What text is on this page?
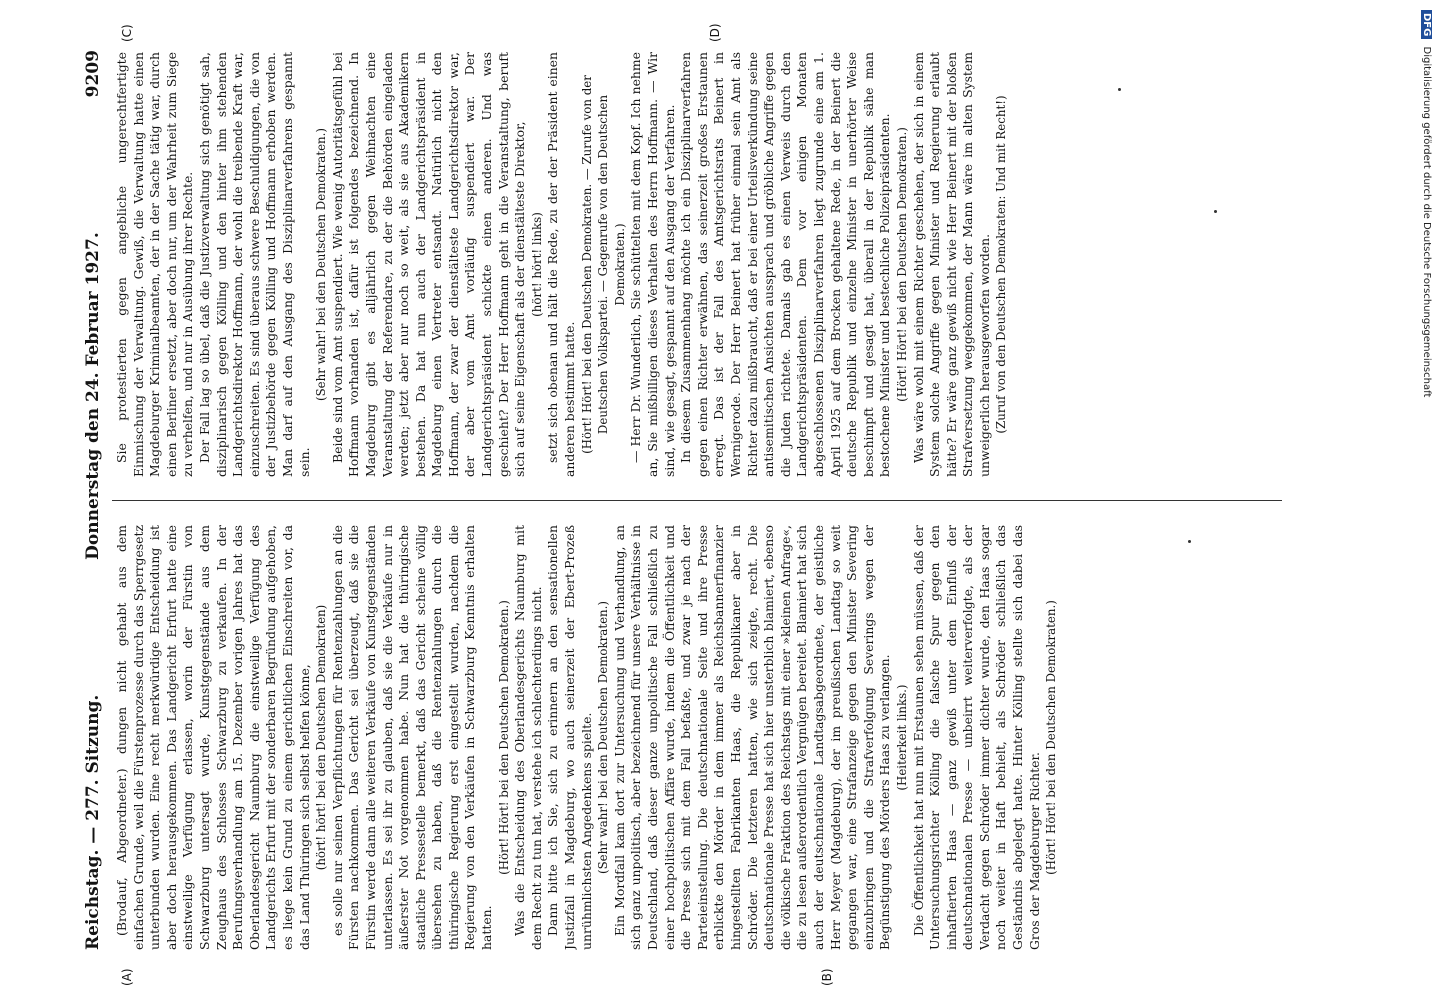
Reichstag. — 277. Sitzung.
Donnerstag den 24. Februar 1927.
9209

(Brodauf, Abgeordneter.) dungen nicht gehabt aus dem einfachen Grunde, weil die Fürstenprozesse durch das Sperrgesetz unterbunden wurden. Eine recht merkwürdige Entscheidung ist aber doch herausgekommen. Das Landgericht Erfurt hatte eine einstweilige Verfügung erlassen, worin der Fürstin von Schwarzburg untersagt wurde, Kunstgegenstände aus dem Zeughaus des Schlosses Schwarzburg zu verkaufen. In der Berufungsverhandlung am 15. Dezember vorigen Jahres hat das Oberlandesgericht Naumburg die einstweilige Verfügung des Landgerichts Erfurt mit der sonderbaren Begründung aufgehoben, es liege kein Grund zu einem gerichtlichen Einschreiten vor, da das Land Thüringen sich selbst helfen könne, (hört! hört! bei den Deutschen Demokraten) es solle nur seinen Verpflichtungen für Rentenzahlungen an die Fürsten nachkommen. Das Gericht sei überzeugt, daß sie die Fürstin werde dann alle weiteren Verkäufe von Kunstgegenständen unterlassen. Es sei ihr zu glauben, daß sie die Verkäufe nur in äußerster Not vorgenommen habe. Nun hat die thüringische staatliche Pressestelle bemerkt, daß das Gericht scheine völlig übersehen zu haben, daß die Rentenzahlungen durch die thüringische Regierung erst eingestellt wurden, nachdem die Regierung von den Verkäufen in Schwarzburg Kenntnis erhalten hatten.

(Hört! Hört! bei den Deutschen Demokraten.) Was die Entscheidung des Oberlandesgerichts Naumburg mit dem Recht zu tun hat, verstehe ich schlechterdings nicht. Dann bitte ich Sie, sich zu erinnern an den sensationellen Justizfall in Magdeburg, wo auch seinerzeit der Ebert-Prozeß unrühmlichsten Angedenkens spielte. (Sehr wahr! bei den Deutschen Demokraten.) Ein Mordfall kam dort zur Untersuchung und Verhandlung, an sich ganz unpolitisch, aber bezeichnend für unsere Verhältnisse in Deutschland, daß dieser ganze unpolitische Fall schließlich zu einer hochpolitischen Affäre wurde, indem die Öffentlichkeit und die Presse sich mit dem Fall befaßte, und zwar je nach der Parteieinstellung. Die deutschnationale Seite und ihre Presse erblickte den Mörder in dem immer als Reichsbannerfinanzier hingestellten Fabrikanten Haas, die Republikaner aber in Schröder. Die letzteren hatten, wie sich zeigte, recht. Die deutschnationale Presse hat sich hier unsterblich blamiert, ebenso die völkische Fraktion des Reichstags mit einer »kleinen Anfrage«, die zu lesen außerordentlich Vergnügen bereitet. Blamiert hat sich auch der deutschnationale Landtagsabgeordnete, der geistliche Herr Meyer (Magdeburg), der im preußischen Landtag so weit gegangen war, eine Strafanzeige gegen den Minister Severing einzubringen und die Strafverfolgung Severings wegen der Begünstigung des Mörders Haas zu verlangen. (Heiterkeit links.) Die Öffentlichkeit hat nun mit Erstaunen sehen müssen, daß der Untersuchungsrichter Kölling die falsche Spur gegen den inhaftierten Haas — ganz gewiß unter dem Einfluß der deutschnationalen Presse — unbeirrt weiterverfolgte, als der Verdacht gegen Schröder immer dichter wurde, den Haas sogar noch weiter in Haft behielt, als Schröder schließlich das Geständnis abgelegt hatte. Hinter Kölling stellte sich dabei das Gros der Magdeburger Richter. (Hört! Hört! bei den Deutschen Demokraten.)

Sie protestierten gegen angebliche ungerechtfertigte Einmischung der Verwaltung. Gewiß, die Verwaltung hatte einen Magdeburger Kriminalbeamten, der in der Sache tätig war, durch einen Berliner ersetzt, aber doch nur, um der Wahrheit zum Siege zu verhelfen, und nur in Ausübung ihrer Rechte. Der Fall lag so übel, daß die Justizverwaltung sich genötigt sah, disziplinarisch gegen Kölling und den hinter ihm stehenden Landgerichtsdirektor Hoffmann, der wohl die treibende Kraft war, einzuschreiten. Es sind überaus schwere Beschuldigungen, die von der Justizbehörde gegen Kölling und Hoffmann erhoben werden. Man darf auf den Ausgang des Disziplinarverfahrens gespannt sein.

(Sehr wahr! bei den Deutschen Demokraten.) Beide sind vom Amt suspendiert. Wie wenig Autoritätsgefühl bei Hoffmann vorhanden ist, dafür ist folgendes bezeichnend. In Magdeburg gibt es alljährlich gegen Weihnachten eine Veranstaltung der Referendare, zu der die Behörden eingeladen werden; jetzt aber nur noch so weit, als sie aus Akademikern bestehen. Da hat nun auch der Landgerichtspräsident in Magdeburg einen Vertreter entsandt. Natürlich nicht den Hoffmann, der zwar der dienstälteste Landgerichtsdirektor war, der aber vom Amt vorläufig suspendiert war. Der Landgerichtspräsident schickte einen anderen. Und was geschieht? Der Herr Hoffmann geht in die Veranstaltung, beruft sich auf seine Eigenschaft als der dienstälteste Direktor, (hört! hört! links) setzt sich obenan und hält die Rede, zu der der Präsident einen anderen bestimmt hatte. (Hört! Hört! bei den Deutschen Demokraten. — Zurufe von der Deutschen Volkspartei. — Gegenrufe von den Deutschen Demokraten.) — Herr Dr. Wunderlich, Sie schüttelten mit dem Kopf. Ich nehme an, Sie mißbilligen dieses Verhalten des Herrn Hoffmann. — Wir sind, wie gesagt, gespannt auf den Ausgang der Verfahren. In diesem Zusammenhang möchte ich ein Disziplinarverfahren gegen einen Richter erwähnen, das seinerzeit großes Erstaunen erregt. Das ist der Fall des Amtsgerichtsrats Beinert in Wernigerode. Der Herr Beinert hat früher einmal sein Amt als Richter dazu mißbraucht, daß er bei einer Urteilsverkündung seine antisemitischen Ansichten aussprach und gröbliche Angriffe gegen die Juden richtete. Damals gab es einen Verweis durch den Landgerichtspräsidenten. Dem vor einigen Monaten abgeschlossenen Disziplinarverfahren liegt zugrunde eine am 1. April 1925 auf dem Brocken gehaltene Rede, in der Beinert die deutsche Republik und einzelne Minister in unerhörter Weise beschimpft und gesagt hat, überall in der Republik sähe man bestochene Minister und bestechliche Polizeipräsidenten. (Hört! Hört! bei den Deutschen Demokraten.) Was wäre wohl mit einem Richter geschehen, der sich in einem System solche Angriffe gegen Minister und Regierung erlaubt hätte? Er wäre ganz gewiß nicht wie Herr Beinert mit der bloßen Strafversetzung weggekommen, der Mann wäre im alten System unweigerlich herausgeworfen worden. (Zuruf von den Deutschen Demokraten: Und mit Recht!)

(A)	(B)
(C)	(D)	DFG Digitalisierung gefördert durch die Deutsche Forschungsgemeinschaft
